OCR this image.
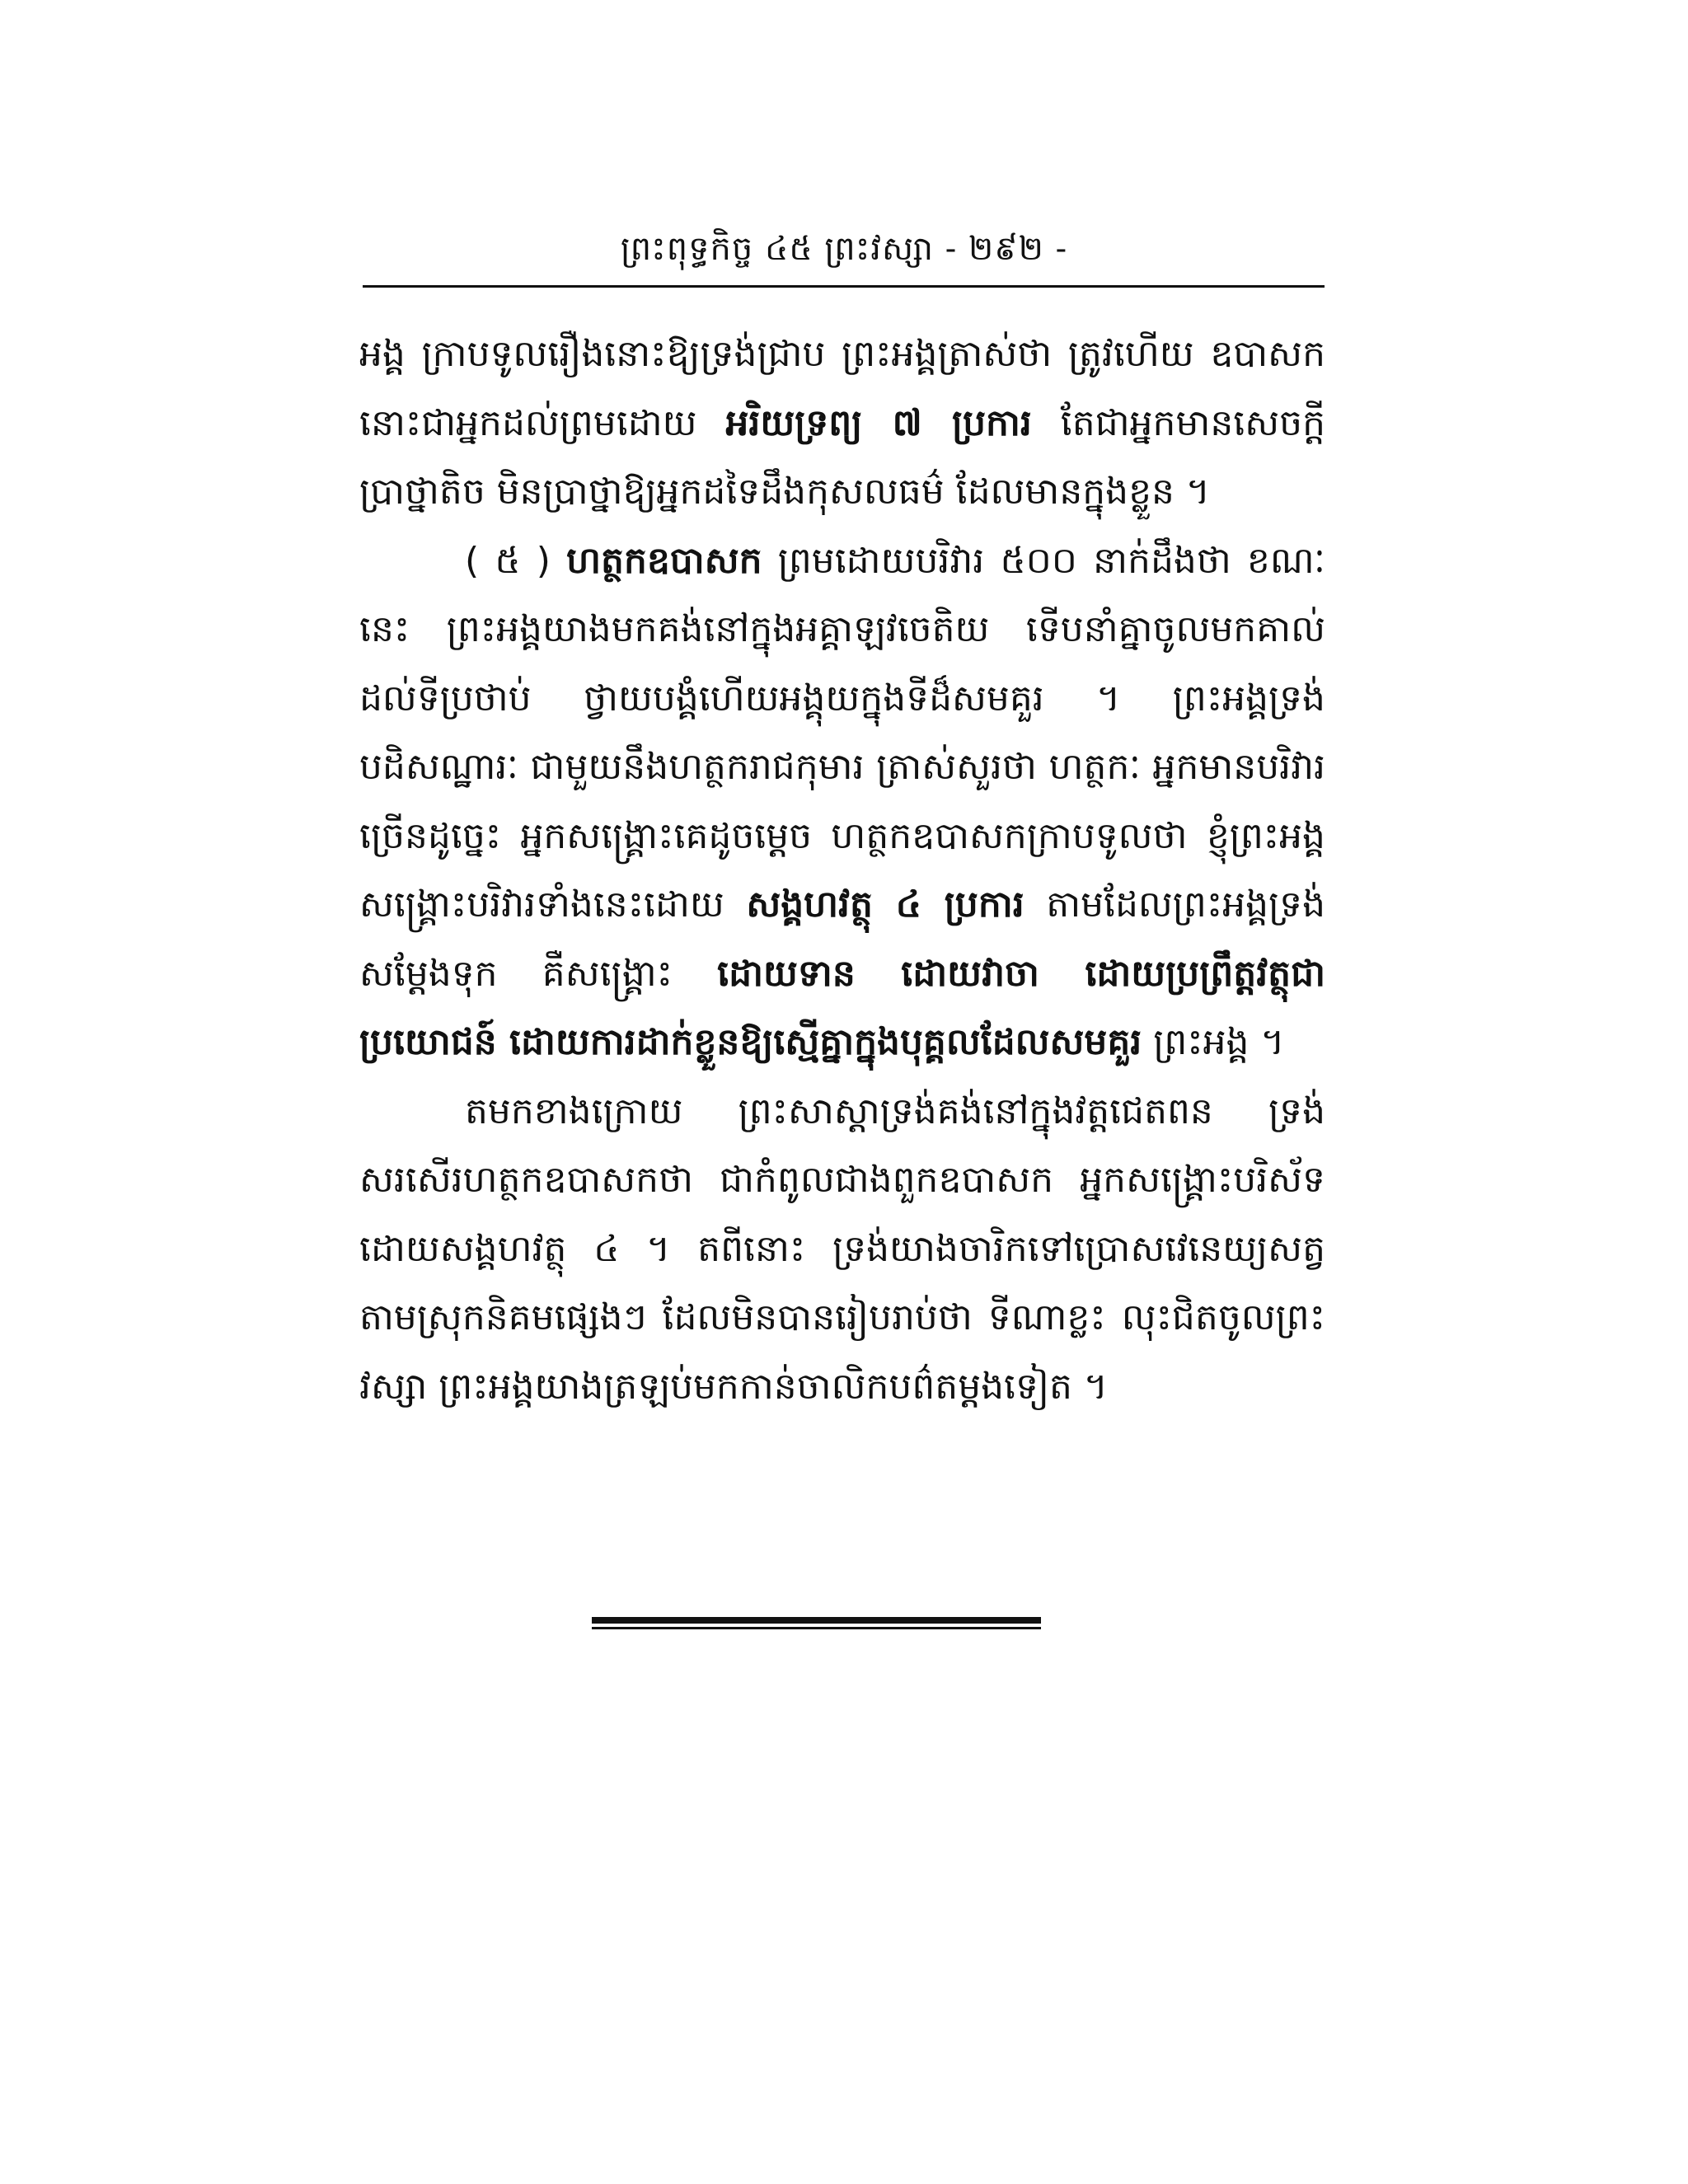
ព្រះពុទ្ធកិច្ច ៤៥ ព្រះវស្សា - ២៩២ -

អង្គ ក្រាបទូលរឿងនោះឱ្យទ្រង់ជ្រាប ព្រះអង្គត្រាស់ថា ត្រូវហើយ ឧបាសក នោះជាអ្នកដល់ព្រមដោយ អរិយទ្រព្យ ៧ ប្រការ តែជាអ្នកមានសេចក្តីប្រាថ្នាតិច មិនប្រាថ្នាឱ្យអ្នកដទៃដឹងកុសលធម៌ ដែលមានក្នុងខ្លួន ។

( ៥ ) ហត្ថកឧបាសក ព្រមដោយបរិវារ ៥០០ នាក់ដឹងថា ខណៈនេះ ព្រះអង្គយាងមកគង់នៅក្នុងអគ្គាឡវចេតិយ ទើបនាំគ្នាចូលមកគាល់ដល់ទីប្រថាប់ ថ្វាយបង្គំហើយអង្គុយក្នុងទីដ៏សមគួរ ។ ព្រះអង្គទ្រង់បដិសណ្ឋារៈ ជាមួយនឹងហត្ថករាជកុមារ ត្រាស់សួរថា ហត្ថកៈ អ្នកមានបរិវារច្រើនដូច្នេះ អ្នកសង្គ្រោះគេដូចម្តេច ហត្ថកឧបាសកក្រាបទូលថា ខ្ញុំព្រះអង្គសង្គ្រោះបរិវារទាំងនេះដោយ សង្គហវត្ថុ ៤ ប្រការ តាមដែលព្រះអង្គទ្រង់សម្តែងទុក គឺសង្គ្រោះ ដោយទាន ដោយវាចា ដោយប្រព្រឹត្តវត្ថុជាប្រយោជន៍ ដោយការដាក់ខ្លួនឱ្យស្មើគ្នាក្នុងបុគ្គលដែលសមគួរ ព្រះអង្គ ។

តមកខាងក្រោយ ព្រះសាស្តាទ្រង់គង់នៅក្នុងវត្តជេតពន ទ្រង់សរសើរហត្ថកឧបាសកថា ជាកំពូលជាងពួកឧបាសក អ្នកសង្គ្រោះបរិស័ទដោយសង្គហវត្ថុ ៤ ។ តពីនោះ ទ្រង់យាងចារិកទៅប្រោសវេនេយ្យសត្វ តាមស្រុកនិគមផ្សេងៗ ដែលមិនបានរៀបរាប់ថា ទីណាខ្លះ លុះជិតចូលព្រះវស្សា ព្រះអង្គយាងត្រឡប់មកកាន់ចាលិកបព៌តម្តងទៀត ។
